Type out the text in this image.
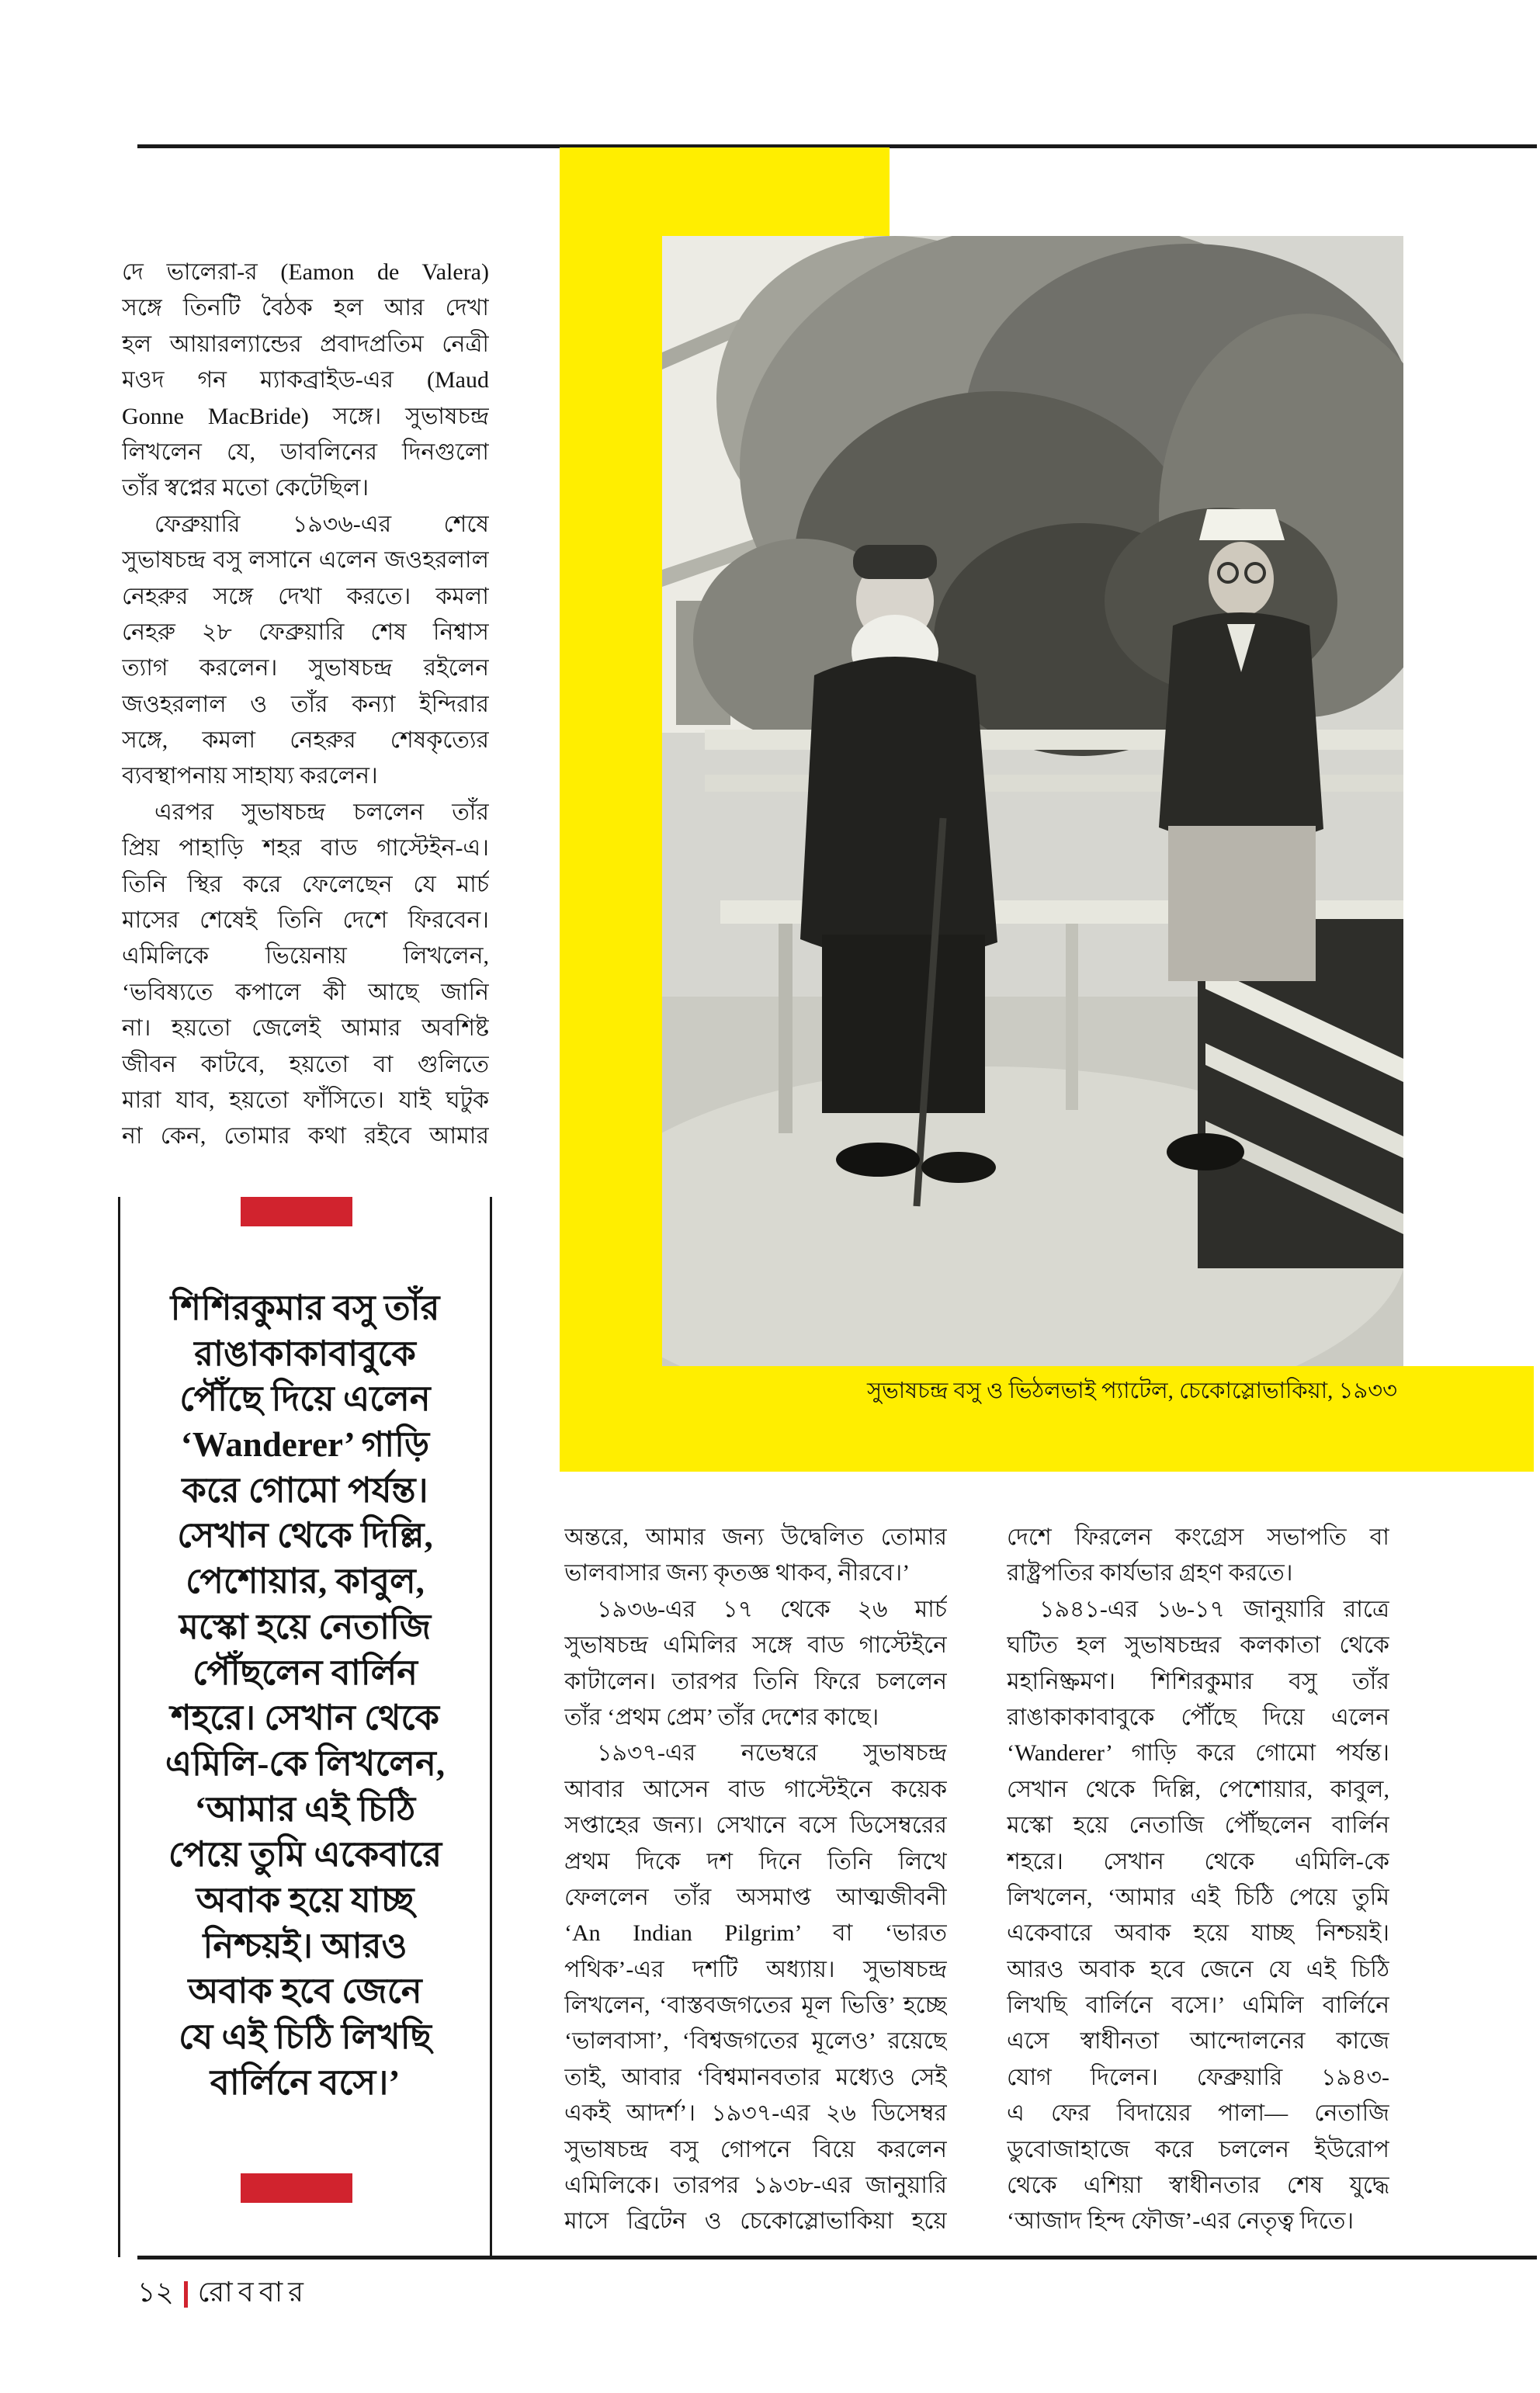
সুভাষচন্দ্র বসু ও ভিঠলভাই প্যাটেল, চেকোস্লোভাকিয়া, ১৯৩৩
শিশিরকুমার বসু তাঁর
রাঙাকাকাবাবুকে
পৌঁছে দিয়ে এলেন
‘Wanderer’ গাড়ি
করে গোমো পর্যন্ত।
সেখান থেকে দিল্লি,
পেশোয়ার, কাবুল,
মস্কো হয়ে নেতাজি
পৌঁছলেন বার্লিন
শহরে। সেখান থেকে
এমিলি-কে লিখলেন,
‘আমার এই চিঠি
পেয়ে তুমি একেবারে
অবাক হয়ে যাচ্ছ
নিশ্চয়ই। আরও
অবাক হবে জেনে
যে এই চিঠি লিখছি
বার্লিনে বসে।’
দে ভালেরা-র (Eamon de Valera)
সঙ্গে তিনটি বৈঠক হল আর দেখা
হল আয়ারল্যান্ডের প্রবাদপ্রতিম নেত্রী
মওদ গন ম্যাকব্রাইড-এর (Maud
Gonne MacBride) সঙ্গে। সুভাষচন্দ্র
লিখলেন যে, ডাবলিনের দিনগুলো
তাঁর স্বপ্নের মতো কেটেছিল।
ফেব্রুয়ারি ১৯৩৬-এর শেষে
সুভাষচন্দ্র বসু লসানে এলেন জওহরলাল
নেহরুর সঙ্গে দেখা করতে। কমলা
নেহরু ২৮ ফেব্রুয়ারি শেষ নিশ্বাস
ত্যাগ করলেন। সুভাষচন্দ্র রইলেন
জওহরলাল ও তাঁর কন্যা ইন্দিরার
সঙ্গে, কমলা নেহরুর শেষকৃত্যের
ব্যবস্থাপনায় সাহায্য করলেন।
এরপর সুভাষচন্দ্র চললেন তাঁর
প্রিয় পাহাড়ি শহর বাড গাস্টেইন-এ।
তিনি স্থির করে ফেলেছেন যে মার্চ
মাসের শেষেই তিনি দেশে ফিরবেন।
এমিলিকে ভিয়েনায় লিখলেন,
‘ভবিষ্যতে কপালে কী আছে জানি
না। হয়তো জেলেই আমার অবশিষ্ট
জীবন কাটবে, হয়তো বা গুলিতে
মারা যাব, হয়তো ফাঁসিতে। যাই ঘটুক
না কেন, তোমার কথা রইবে আমার
অন্তরে, আমার জন্য উদ্বেলিত তোমার
ভালবাসার জন্য কৃতজ্ঞ থাকব, নীরবে।’
১৯৩৬-এর ১৭ থেকে ২৬ মার্চ
সুভাষচন্দ্র এমিলির সঙ্গে বাড গাস্টেইনে
কাটালেন। তারপর তিনি ফিরে চললেন
তাঁর ‘প্রথম প্রেম’ তাঁর দেশের কাছে।
১৯৩৭-এর নভেম্বরে সুভাষচন্দ্র
আবার আসেন বাড গাস্টেইনে কয়েক
সপ্তাহের জন্য। সেখানে বসে ডিসেম্বরের
প্রথম দিকে দশ দিনে তিনি লিখে
ফেললেন তাঁর অসমাপ্ত আত্মজীবনী
‘An Indian Pilgrim’ বা ‘ভারত
পথিক’-এর দশটি অধ্যায়। সুভাষচন্দ্র
লিখলেন, ‘বাস্তবজগতের মূল ভিত্তি’ হচ্ছে
‘ভালবাসা’, ‘বিশ্বজগতের মূলেও’ রয়েছে
তাই, আবার ‘বিশ্বমানবতার মধ্যেও সেই
একই আদর্শ’। ১৯৩৭-এর ২৬ ডিসেম্বর
সুভাষচন্দ্র বসু গোপনে বিয়ে করলেন
এমিলিকে। তারপর ১৯৩৮-এর জানুয়ারি
মাসে ব্রিটেন ও চেকোস্লোভাকিয়া হয়ে
দেশে ফিরলেন কংগ্রেস সভাপতি বা
রাষ্ট্রপতির কার্যভার গ্রহণ করতে।
১৯৪১-এর ১৬-১৭ জানুয়ারি রাত্রে
ঘটিত হল সুভাষচন্দ্রর কলকাতা থেকে
মহানিষ্ক্রমণ। শিশিরকুমার বসু তাঁর
রাঙাকাকাবাবুকে পৌঁছে দিয়ে এলেন
‘Wanderer’ গাড়ি করে গোমো পর্যন্ত।
সেখান থেকে দিল্লি, পেশোয়ার, কাবুল,
মস্কো হয়ে নেতাজি পৌঁছলেন বার্লিন
শহরে। সেখান থেকে এমিলি-কে
লিখলেন, ‘আমার এই চিঠি পেয়ে তুমি
একেবারে অবাক হয়ে যাচ্ছ নিশ্চয়ই।
আরও অবাক হবে জেনে যে এই চিঠি
লিখছি বার্লিনে বসে।’ এমিলি বার্লিনে
এসে স্বাধীনতা আন্দোলনের কাজে
যোগ দিলেন। ফেব্রুয়ারি ১৯৪৩-
এ ফের বিদায়ের পালা— নেতাজি
ডুবোজাহাজে করে চললেন ইউরোপ
থেকে এশিয়া স্বাধীনতার শেষ যুদ্ধে
‘আজাদ হিন্দ ফৌজ’-এর নেতৃত্ব দিতে।
১২ রোববার
